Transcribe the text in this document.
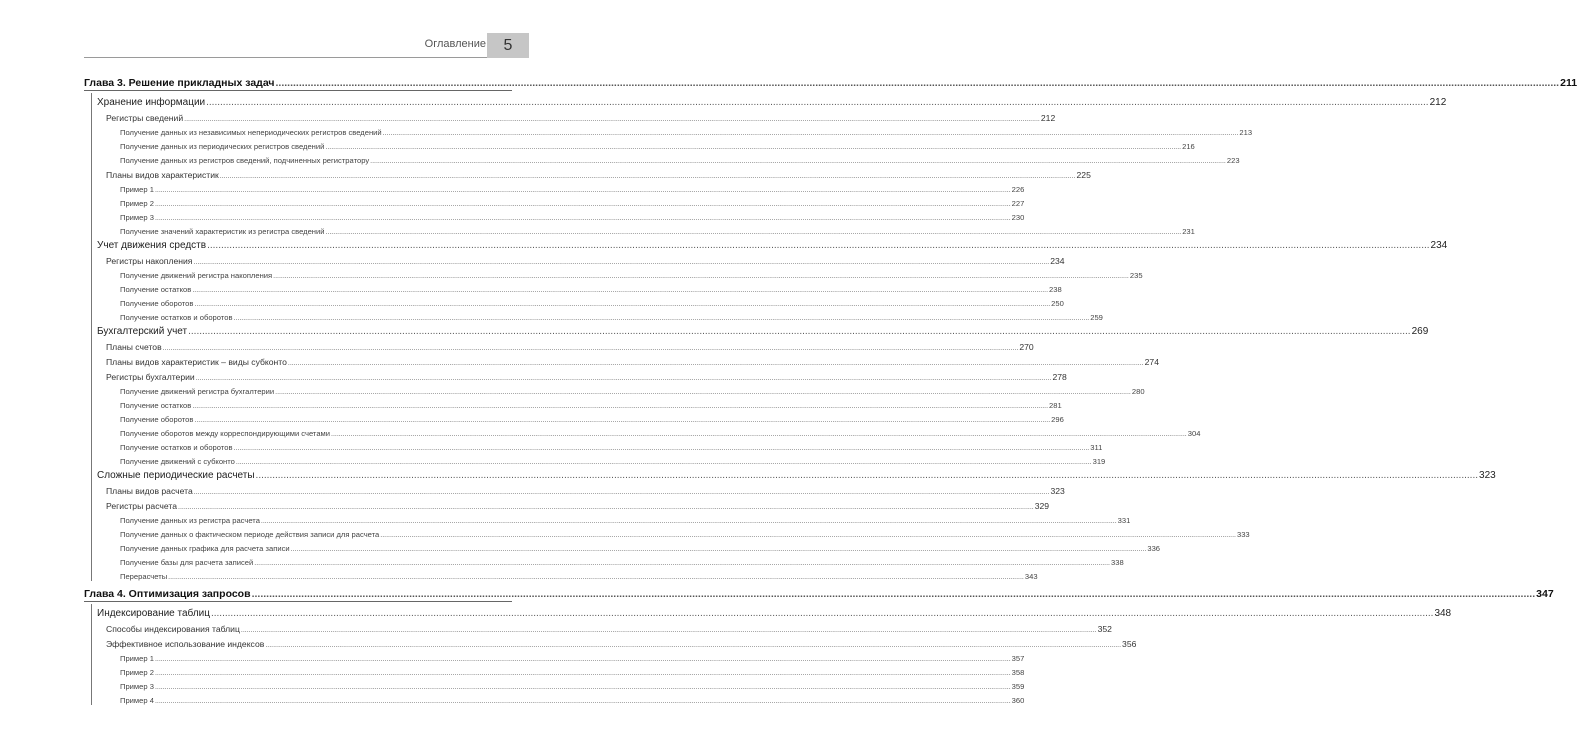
Оглавление 5
Глава 3. Решение прикладных задач .....	211
Хранение информации .....	212
Регистры сведений .....	212
Получение данных из независимых непериодических регистров сведений .....	213
Получение данных из периодических регистров сведений .....	216
Получение данных из регистров сведений, подчиненных регистратору .....	223
Планы видов характеристик .....	225
Пример 1 .....	226
Пример 2 .....	227
Пример 3 .....	230
Получение значений характеристик из регистра сведений .....	231
Учет движения средств .....	234
Регистры накопления .....	234
Получение движений регистра накопления .....	235
Получение остатков .....	238
Получение оборотов .....	250
Получение остатков и оборотов .....	259
Бухгалтерский учет .....	269
Планы счетов .....	270
Планы видов характеристик – виды субконто .....	274
Регистры бухгалтерии .....	278
Получение движений регистра бухгалтерии .....	280
Получение остатков .....	281
Получение оборотов .....	296
Получение оборотов между корреспондирующими счетами .....	304
Получение остатков и оборотов .....	311
Получение движений с субконто .....	319
Сложные периодические расчеты .....	323
Планы видов расчета .....	323
Регистры расчета .....	329
Получение данных из регистра расчета .....	331
Получение данных о фактическом периоде действия записи для расчета .....	333
Получение данных графика для расчета записи .....	336
Получение базы для расчета записей .....	338
Перерасчеты .....	343
Глава 4. Оптимизация запросов .....	347
Индексирование таблиц .....	348
Способы индексирования таблиц .....	352
Эффективное использование индексов .....	356
Пример 1 .....	357
Пример 2 .....	358
Пример 3 .....	359
Пример 4 .....	360
